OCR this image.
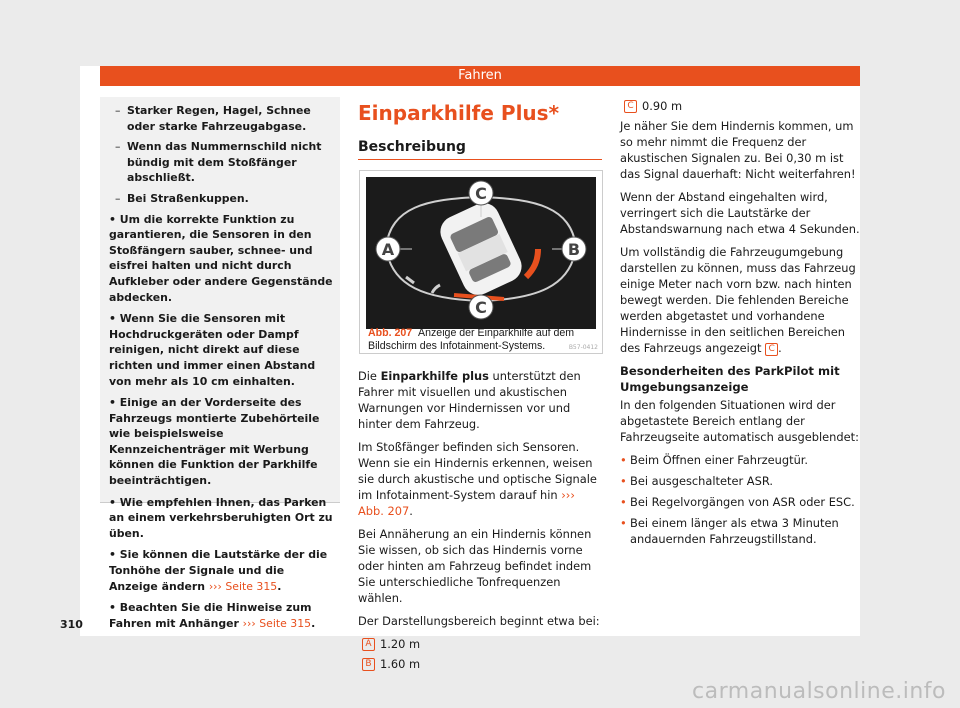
Fahren
– Starker Regen, Hagel, Schnee oder starke Fahrzeugabgase.
– Wenn das Nummernschild nicht bündig mit dem Stoßfänger abschließt.
– Bei Straßenkuppen.
• Um die korrekte Funktion zu garantieren, die Sensoren in den Stoßfängern sauber, schnee- und eisfrei halten und nicht durch Aufkleber oder andere Gegenstände abdecken.
• Wenn Sie die Sensoren mit Hochdruckgeräten oder Dampf reinigen, nicht direkt auf diese richten und immer einen Abstand von mehr als 10 cm einhalten.
• Einige an der Vorderseite des Fahrzeugs montierte Zubehörteile wie beispielsweise Kennzeichenträger mit Werbung können die Funktion der Parkhilfe beeinträchtigen.
• Wie empfehlen Ihnen, das Parken an einem verkehrsberuhigten Ort zu üben.
• Sie können die Lautstärke der die Tonhöhe der Signale und die Anzeige ändern ››› Seite 315.
• Beachten Sie die Hinweise zum Fahren mit Anhänger ››› Seite 315.
Einparkhilfe Plus*
Beschreibung
C
A	B
C
B57-0412
Abb. 207 Anzeige der Einparkhilfe auf dem Bildschirm des Infotainment-Systems.

Die Einparkhilfe plus unterstützt den Fahrer mit visuellen und akustischen Warnungen vor Hindernissen vor und hinter dem Fahrzeug.

Im Stoßfänger befinden sich Sensoren. Wenn sie ein Hindernis erkennen, weisen sie durch akustische und optische Signale im Infotainment-System darauf hin ››› Abb. 207.

Bei Annäherung an ein Hindernis können Sie wissen, ob sich das Hindernis vorne oder hinten am Fahrzeug befindet indem Sie unterschiedliche Tonfrequenzen wählen.

Der Darstellungsbereich beginnt etwa bei:

A 1.20 m
B 1.60 m
C 0.90 m

Je näher Sie dem Hindernis kommen, um so mehr nimmt die Frequenz der akustischen Signalen zu. Bei 0,30 m ist das Signal dauerhaft: Nicht weiterfahren!

Wenn der Abstand eingehalten wird, verringert sich die Lautstärke der Abstandswarnung nach etwa 4 Sekunden.

Um vollständig die Fahrzeugumgebung darstellen zu können, muss das Fahrzeug einige Meter nach vorn bzw. nach hinten bewegt werden. Die fehlenden Bereiche werden abgetastet und vorhandene Hindernisse in den seitlichen Bereichen des Fahrzeugs angezeigt C .

Besonderheiten des ParkPilot mit Umgebungsanzeige

In den folgenden Situationen wird der abgetastete Bereich entlang der Fahrzeugseite automatisch ausgeblendet:

• Beim Öffnen einer Fahrzeugtür.
• Bei ausgeschalteter ASR.
• Bei Regelvorgängen von ASR oder ESC.
• Bei einem länger als etwa 3 Minuten andauernden Fahrzeugstillstand.
310
carmanualsonline.info
